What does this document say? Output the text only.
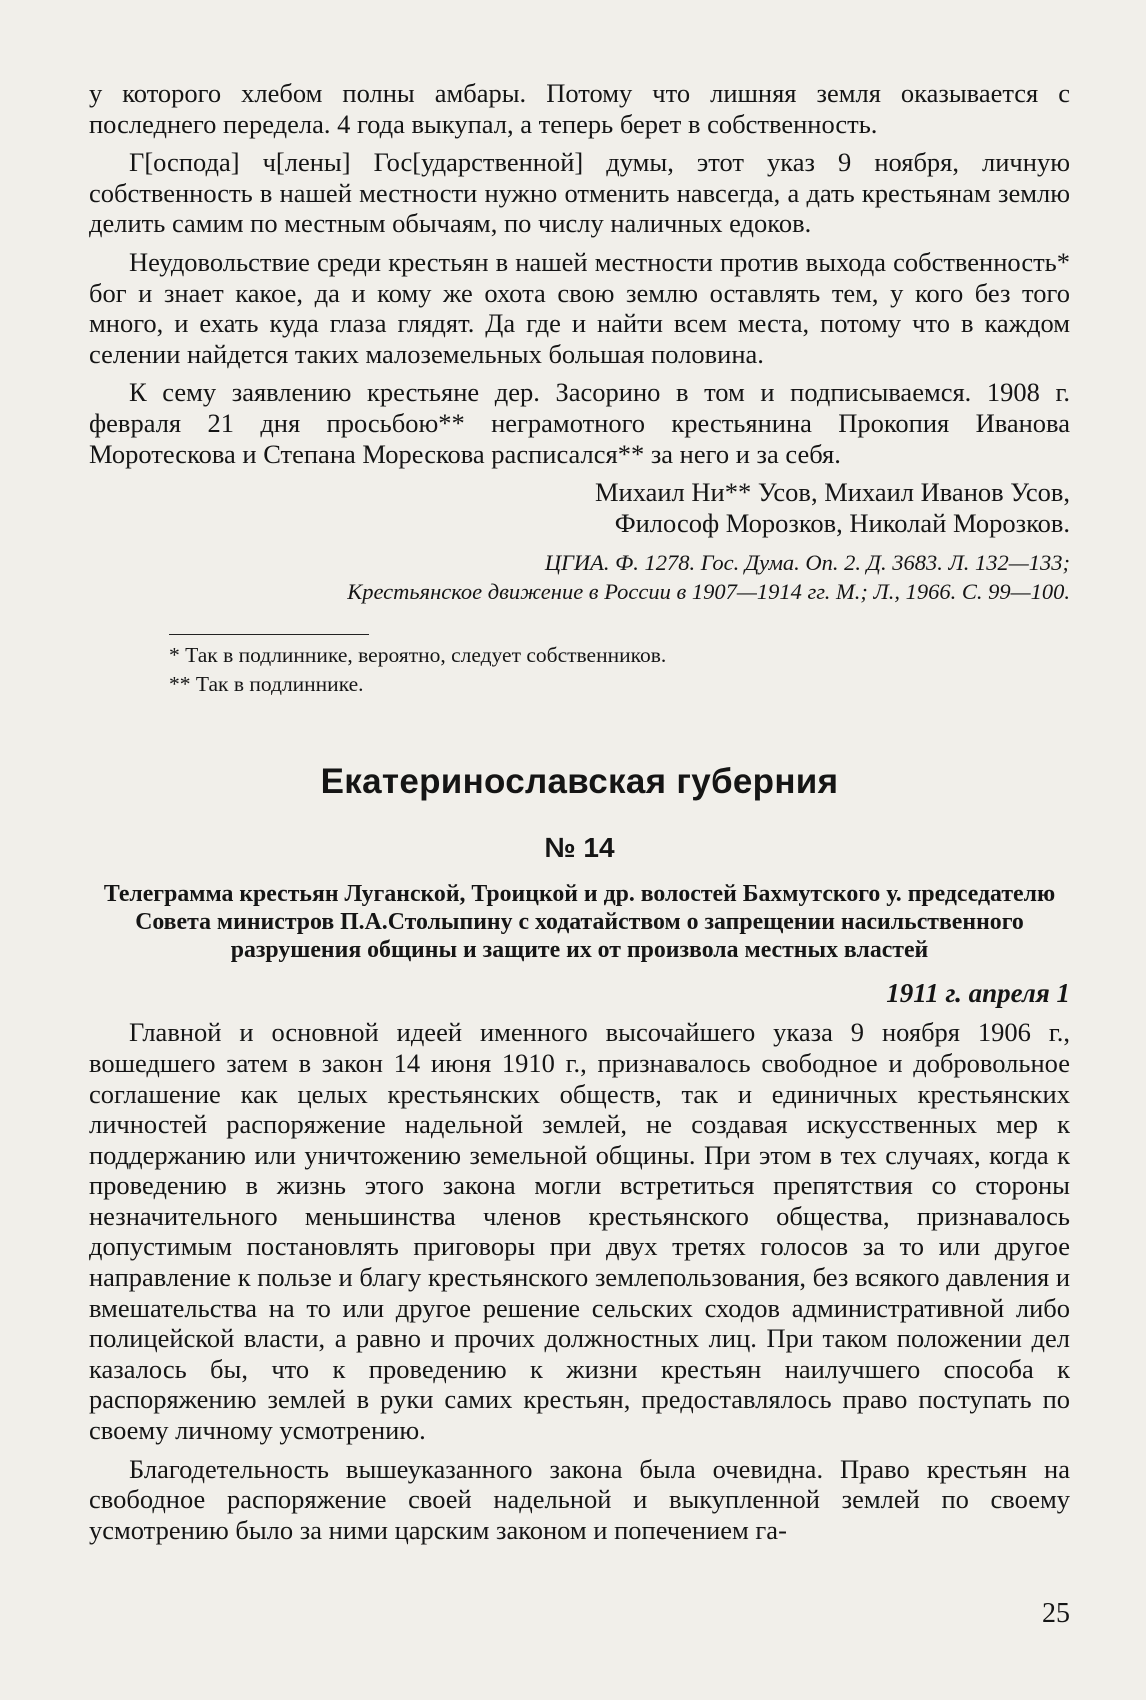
у которого хлебом полны амбары. Потому что лишняя земля оказывается с последнего передела. 4 года выкупал, а теперь берет в собственность.

Г[оспода] ч[лены] Гос[ударственной] думы, этот указ 9 ноября, личную собственность в нашей местности нужно отменить навсегда, а дать крестьянам землю делить самим по местным обычаям, по числу наличных едоков.

Неудовольствие среди крестьян в нашей местности против выхода собственность* бог и знает какое, да и кому же охота свою землю оставлять тем, у кого без того много, и ехать куда глаза глядят. Да где и найти всем места, потому что в каждом селении найдется таких малоземельных большая половина.

К сему заявлению крестьяне дер. Засорино в том и подписываемся. 1908 г. февраля 21 дня просьбою** неграмотного крестьянина Прокопия Иванова Моротескова и Степана Морескова расписался** за него и за себя.

Михаил Ни** Усов, Михаил Иванов Усов,
Философ Морозков, Николай Морозков.
ЦГИА. Ф. 1278. Гос. Дума. Оп. 2. Д. 3683. Л. 132—133;
Крестьянское движение в России в 1907—1914 гг. М.; Л., 1966. С. 99—100.
* Так в подлиннике, вероятно, следует собственников.
** Так в подлиннике.
Екатеринославская губерния
№ 14
Телеграмма крестьян Луганской, Троицкой и др. волостей Бахмутского у. председателю Совета министров П.А.Столыпину с ходатайством о запрещении насильственного разрушения общины и защите их от произвола местных властей
1911 г. апреля 1

Главной и основной идеей именного высочайшего указа 9 ноября 1906 г., вошедшего затем в закон 14 июня 1910 г., признавалось свободное и добровольное соглашение как целых крестьянских обществ, так и единичных крестьянских личностей распоряжение надельной землей, не создавая искусственных мер к поддержанию или уничтожению земельной общины. При этом в тех случаях, когда к проведению в жизнь этого закона могли встретиться препятствия со стороны незначительного меньшинства членов крестьянского общества, признавалось допустимым постановлять приговоры при двух третях голосов за то или другое направление к пользе и благу крестьянского землепользования, без всякого давления и вмешательства на то или другое решение сельских сходов административной либо полицейской власти, а равно и прочих должностных лиц. При таком положении дел казалось бы, что к проведению к жизни крестьян наилучшего способа к распоряжению землей в руки самих крестьян, предоставлялось право поступать по своему личному усмотрению.

Благодетельность вышеуказанного закона была очевидна. Право крестьян на свободное распоряжение своей надельной и выкупленной землей по своему усмотрению было за ними царским законом и попечением га-

25
